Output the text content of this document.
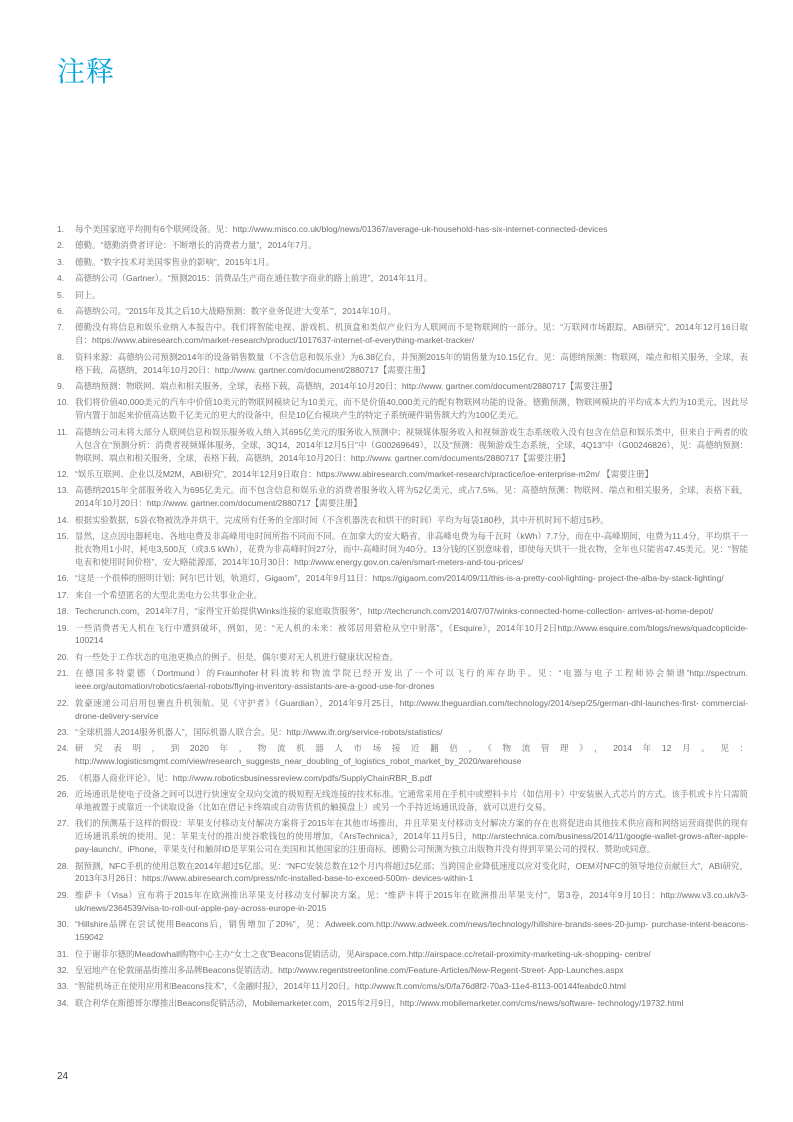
注释
1.	每个美国家庭平均拥有6个联网设备。见：http://www.misco.co.uk/blog/news/01367/average-uk-household-has-six-internet-connected-devices
2.	德勤。“德勤消费者评论：不断增长的消费者力量”，2014年7月。
3.	德勤。“数字技术对美国零售业的影响”，2015年1月。
4.	高德纳公司（Gartner）。“预测2015：消费品生产商在通往数字商业的路上前进”，2014年11月。
5.	同上。
6.	高德纳公司。“2015年及其之后10大战略预测：数字业务促进‘大变革’”，2014年10月。
7.	德勤没有将信息和娱乐业纳入本报告中。我们将智能电视、游戏机、机顶盒和类似产业归为人联网而不是物联网的一部分。见：“万联网市场跟踪，ABI研究”，2014年12月16日取自：https://www.abiresearch.com/market-research/product/1017637-internet-of-everything-market-tracker/
8.	资料来源：高德纳公司预测2014年的设备销售数量（不含信息和娱乐业）为6.38亿台，并预测2015年的销售量为10.15亿台。见：高德纳预测：物联网，端点和相关服务，全球，表格下载，高德纳，2014年10月20日：http://www. gartner.com/document/2880717【需要注册】
9.	高德纳预测：物联网、端点和相关服务，全球，表格下载，高德纳，2014年10月20日：http://www. gartner.com/document/2880717【需要注册】
10. 我们将价值40,000美元的汽车中价值10美元的物联网模块记为10美元，而不是价值40,000美元的配有物联网功能的设备。德勤预测，物联网模块的平均成本大约为10美元，因此尽管内置于加起来价值高达数千亿美元的更大的设备中，但是10亿台模块产生的特定子系统硬件销售额大约为100亿美元。
11. 高德纳公司未将大部分人联网信息和娱乐服务收入纳入其695亿美元的服务收入预测中；视频媒体服务收入和视频游戏生态系统收入没有包含在信息和娱乐类中，但来自于两者的收入包含在“预测分析：消费者视频媒体服务，全球，3Q14，2014年12月5日”中（G00269649），以及“预测：视频游戏生态系统，全球，4Q13”中（G00246826），见：高德纳预测：物联网、端点和相关服务，全球，表格下载，高德纳，2014年10月20日：http://www. gartner.com/documents/2880717【需要注册】
12. “娱乐互联网、企业以及M2M，ABI研究”，2014年12月9日取自：https://www.abiresearch.com/market-research/practice/ioe-enterprise-m2m/ 【需要注册】
13. 高德纳2015年全部服务收入为695亿美元。而不包含信息和娱乐业的消费者服务收入将为52亿美元，或占7.5%。见：高德纳预测：物联网、端点和相关服务，全球，表格下载，2014年10月20日：http://www. gartner.com/document/2880717【需要注册】
14. 根据实验数据，5袋衣物被洗净并烘干，完成所有任务的全部时间（不含机器洗衣和烘干的时间）平均为每袋180秒，其中开机时间不超过5秒。
15. 显然，这点因电器耗电、各地电费及非高峰用电时间所指不同而不同。在加拿大的安大略省，非高峰电费为每千瓦时（kWh）7.7分，而在中-高峰期间，电费为11.4分，平均烘干一批衣物用1小时，耗电3,500瓦（或3.5 kWh），花费为非高峰时间27分，而中-高峰时间为40分。13分钱的区别意味着，即使每天烘干一批衣物，全年也只能省47.45美元。见：“智能电表和使用时间价格”，安大略能源部，2014年10月30日：http://www.energy.gov.on.ca/en/smart-meters-and-tou-prices/
16. “这是一个很棒的照明计划：阿尔巴计划，轨道灯，Gigaom”，2014年9月11日：https://gigaom.com/2014/09/11/this-is-a-pretty-cool-lighting- project-the-alba-by-stack-lighting/
17. 来自一个希望匿名的大型北美电力公共事业企业。
18. Techcrunch.com，2014年7月，“家得宝开始提供Winks连接的家庭取货服务”，http://techcrunch.com/2014/07/07/winks-connected-home-collection- arrives-at-home-depot/
19. 一些消费者无人机在飞行中遭到破坏，例如，见：“无人机的未来：被邻居用猎枪从空中射落”，《Esquire》，2014年10月2日http://www.esquire.com/blogs/news/quadcopticide-100214
20. 有一些处于工作状态的电池更换点的例子。但是，偶尔要对无人机进行健康状况检查。
21. 在德国多特蒙德（Dortmund）的Fraunhofer材料流转和物流学院已经开发出了一个可以飞行的库存助手。见：“电器与电子工程师协会频谱”http://spectrum. ieee.org/automation/robotics/aerial-robots/flying-inventory-assistants-are-a-good-use-for-drones
22. 敦豪速递公司启用包裹直升机领航。见《守护者》（Guardian），2014年9月25日，http://www.theguardian.com/technology/2014/sep/25/german-dhl-launches-first- commercial-drone-delivery-service
23. “全球机器人2014服务机器人”，国际机器人联合会。见：http://www.ifr.org/service-robots/statistics/
24. 研究表明，到2020年，物流机器人市场接近翻倍，《物流管理》，2014年12月。见：http://www.logisticsmgmt.com/view/research_suggests_near_doubling_of_logistics_robot_market_by_2020/warehouse
25. 《机器人商业评论》。见：http://www.roboticsbusinessreview.com/pdfs/SupplyChainRBR_B.pdf
26. 近场通讯是使电子设备之间可以进行快速安全双向交流的极短程无线连接的技术标准。它通常采用在手机中或塑料卡片（如信用卡）中安装嵌入式芯片的方式。该手机或卡片只需简单地被置于或靠近一个读取设备（比如在借记卡终端或自动售货机的触摸盘上）或另一个手持近场通讯设备，就可以进行交易。
27. 我们的预测基于这样的假设：苹果支付移动支付解决方案将于2015年在其他市场推出，并且苹果支付移动支付解决方案的存在也将促进由其他技术供应商和网络运营商提供的现有近场通讯系统的使用。见：苹果支付的推出使谷歌钱包的使用增加，《ArsTechnica》，2014年11月5日，http://arstechnica.com/business/2014/11/google-wallet-grows-after-apple-pay-launch/。iPhone，苹果支付和触屏ID是苹果公司在美国和其他国家的注册商标。德勤公司预测为独立出版物并没有得到苹果公司的授权、赞助或同意。
28. 据预测，NFC手机的使用总数在2014年超过5亿部。见：“NFC安装总数在12个月内将超过5亿部；当跨国企业降低速度以应对变化时，OEM对NFC的领导地位贡献巨大”，ABI研究，2013年3月26日：https://www.abiresearch.com/press/nfc-installed-base-to-exceed-500m- devices-within-1
29. 维萨卡（Visa）宣布将于2015年在欧洲推出苹果支付移动支付解决方案。见：“维萨卡将于2015年在欧洲推出苹果支付”，第3卷，2014年9月10日：http://www.v3.co.uk/v3-uk/news/2364539/visa-to-roll-out-apple-pay-across-europe-in-2015
30. “Hillshire品牌在尝试使用Beacons后，销售增加了20%”，见：Adweek.com.http://www.adweek.com/news/technology/hillshire-brands-sees-20-jump- purchase-intent-beacons-159042
31. 位于谢菲尔德的Meadowhall购物中心主办“女士之夜”Beacons促销活动，见Airspace.com.http://airspace.cc/retail-proximity-marketing-uk-shopping- centre/
32. 皇冠地产在伦敦丽晶街推出多品牌Beacons促销活动。http://www.regentstreetonline.com/Feature-Articles/New-Regent-Street- App-Launches.aspx
33. “智能机场正在使用应用和Beacons技术”，《金融时报》，2014年11月20日。http://www.ft.com/cms/s/0/fa76d8f2-70a3-11e4-8113-00144feabdc0.html
34. 联合利华在斯德哥尔摩推出Beacons促销活动，Mobilemarketer.com，2015年2月9日，http://www.mobilemarketer.com/cms/news/software- technology/19732.html
24
